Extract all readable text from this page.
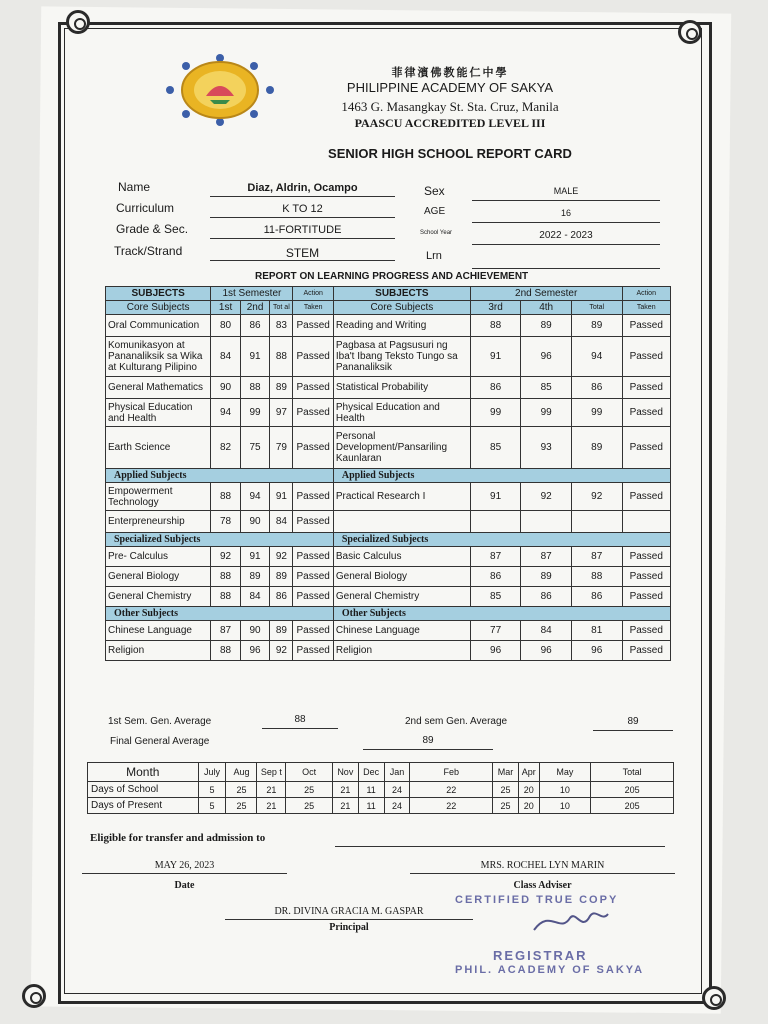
菲律濱佛教能仁中學
PHILIPPINE ACADEMY OF SAKYA
1463 G. Masangkay St. Sta. Cruz, Manila
PAASCU ACCREDITED LEVEL III
SENIOR HIGH SCHOOL REPORT CARD
Name	Diaz, Aldrin, Ocampo
Curriculum	K TO 12
Grade & Sec.	11-FORTITUDE
Track/Strand	STEM
Sex	MALE
AGE	16
School Year	2022 - 2023
Lrn
REPORT ON LEARNING PROGRESS AND ACHIEVEMENT
SUBJECTS	1st Semester			Action	SUBJECTS	2nd Semester			Action
Core Subjects	1st	2nd	Tot al	Taken	Core Subjects	3rd	4th	Total	Taken
Oral Communication	80	86	83	Passed	Reading and Writing	88	89	89	Passed
Komunikasyon at Pananaliksik sa Wika at Kulturang Pilipino	84	91	88	Passed	Pagbasa at Pagsusuri ng Iba't Ibang Teksto Tungo sa Pananaliksik	91	96	94	Passed
General Mathematics	90	88	89	Passed	Statistical Probability	86	85	86	Passed
Physical Education and Health	94	99	97	Passed	Physical Education and Health	99	99	99	Passed
Earth Science	82	75	79	Passed	Personal Development/Pansariling Kaunlaran	85	93	89	Passed
Applied Subjects					Applied Subjects				
Empowerment Technology	88	94	91	Passed	Practical Research I	91	92	92	Passed
Enterpreneurship	78	90	84	Passed					
Specialized Subjects					Specialized Subjects				
Pre- Calculus	92	91	92	Passed	Basic Calculus	87	87	87	Passed
General Biology	88	89	89	Passed	General Biology	86	89	88	Passed
General Chemistry	88	84	86	Passed	General Chemistry	85	86	86	Passed
Other Subjects					Other Subjects				
Chinese Language	87	90	89	Passed	Chinese Language	77	84	81	Passed
Religion	88	96	92	Passed	Religion	96	96	96	Passed
1st Sem. Gen. Average	88	2nd sem Gen. Average	89
Final General Average	89
Month	July	Aug	Sep t	Oct	Nov	Dec	Jan	Feb	Mar	Apr	May	Total
Days of School	5	25	21	25	21	11	24	22	25	20	10	205
Days of Present	5	25	21	25	21	11	24	22	25	20	10	205
Eligible for transfer and admission to
MAY 26, 2023
Date
MRS. ROCHEL LYN MARIN
Class Adviser
DR. DIVINA GRACIA M. GASPAR
Principal
CERTIFIED TRUE COPY
REGISTRAR
PHIL. ACADEMY OF SAKYA
